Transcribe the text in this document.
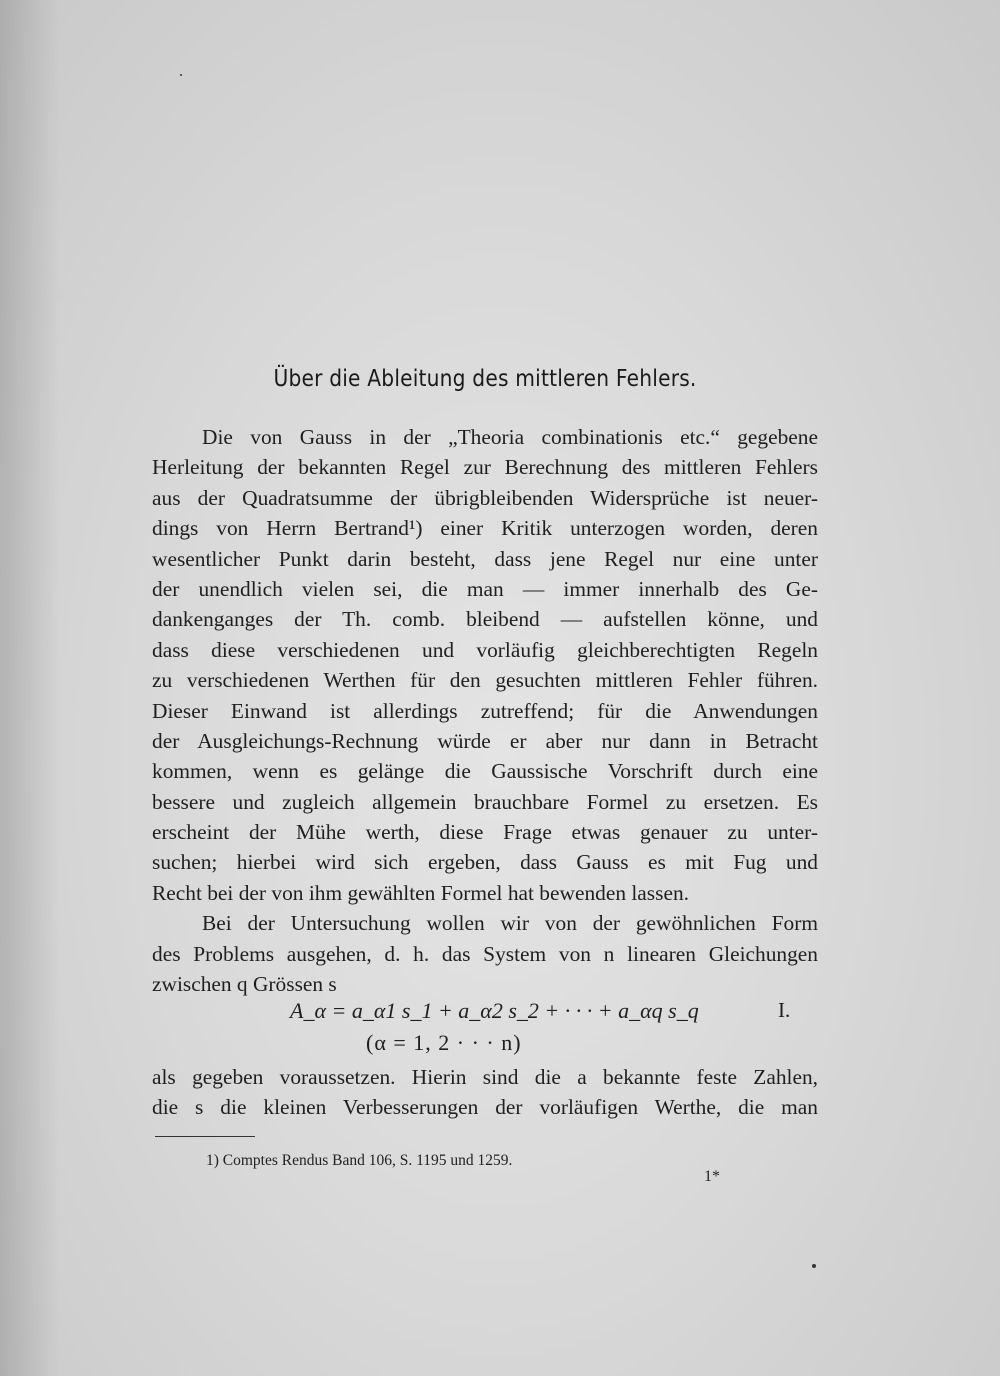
Über die Ableitung des mittleren Fehlers.
Die von Gauss in der „Theoria combinationis etc.“ gegebene
Herleitung der bekannten Regel zur Berechnung des mittleren Fehlers
aus der Quadratsumme der übrigbleibenden Widersprüche ist neuer-
dings von Herrn Bertrand¹) einer Kritik unterzogen worden, deren
wesentlicher Punkt darin besteht, dass jene Regel nur eine unter
der unendlich vielen sei, die man — immer innerhalb des Ge-
dankenganges der Th. comb. bleibend — aufstellen könne, und
dass diese verschiedenen und vorläufig gleichberechtigten Regeln
zu verschiedenen Werthen für den gesuchten mittleren Fehler führen.
Dieser Einwand ist allerdings zutreffend; für die Anwendungen
der Ausgleichungs-Rechnung würde er aber nur dann in Betracht
kommen, wenn es gelänge die Gaussische Vorschrift durch eine
bessere und zugleich allgemein brauchbare Formel zu ersetzen. Es
erscheint der Mühe werth, diese Frage etwas genauer zu unter-
suchen; hierbei wird sich ergeben, dass Gauss es mit Fug und
Recht bei der von ihm gewählten Formel hat bewenden lassen.
Bei der Untersuchung wollen wir von der gewöhnlichen Form
des Problems ausgehen, d. h. das System von n linearen Gleichungen
zwischen q Grössen s
A_α = a_α1 s_1 + a_α2 s_2 + · · · + a_αq s_q	I.
(α = 1, 2 · · · n)
als gegeben voraussetzen. Hierin sind die a bekannte feste Zahlen,
die s die kleinen Verbesserungen der vorläufigen Werthe, die man
1) Comptes Rendus Band 106, S. 1195 und 1259.
1*
